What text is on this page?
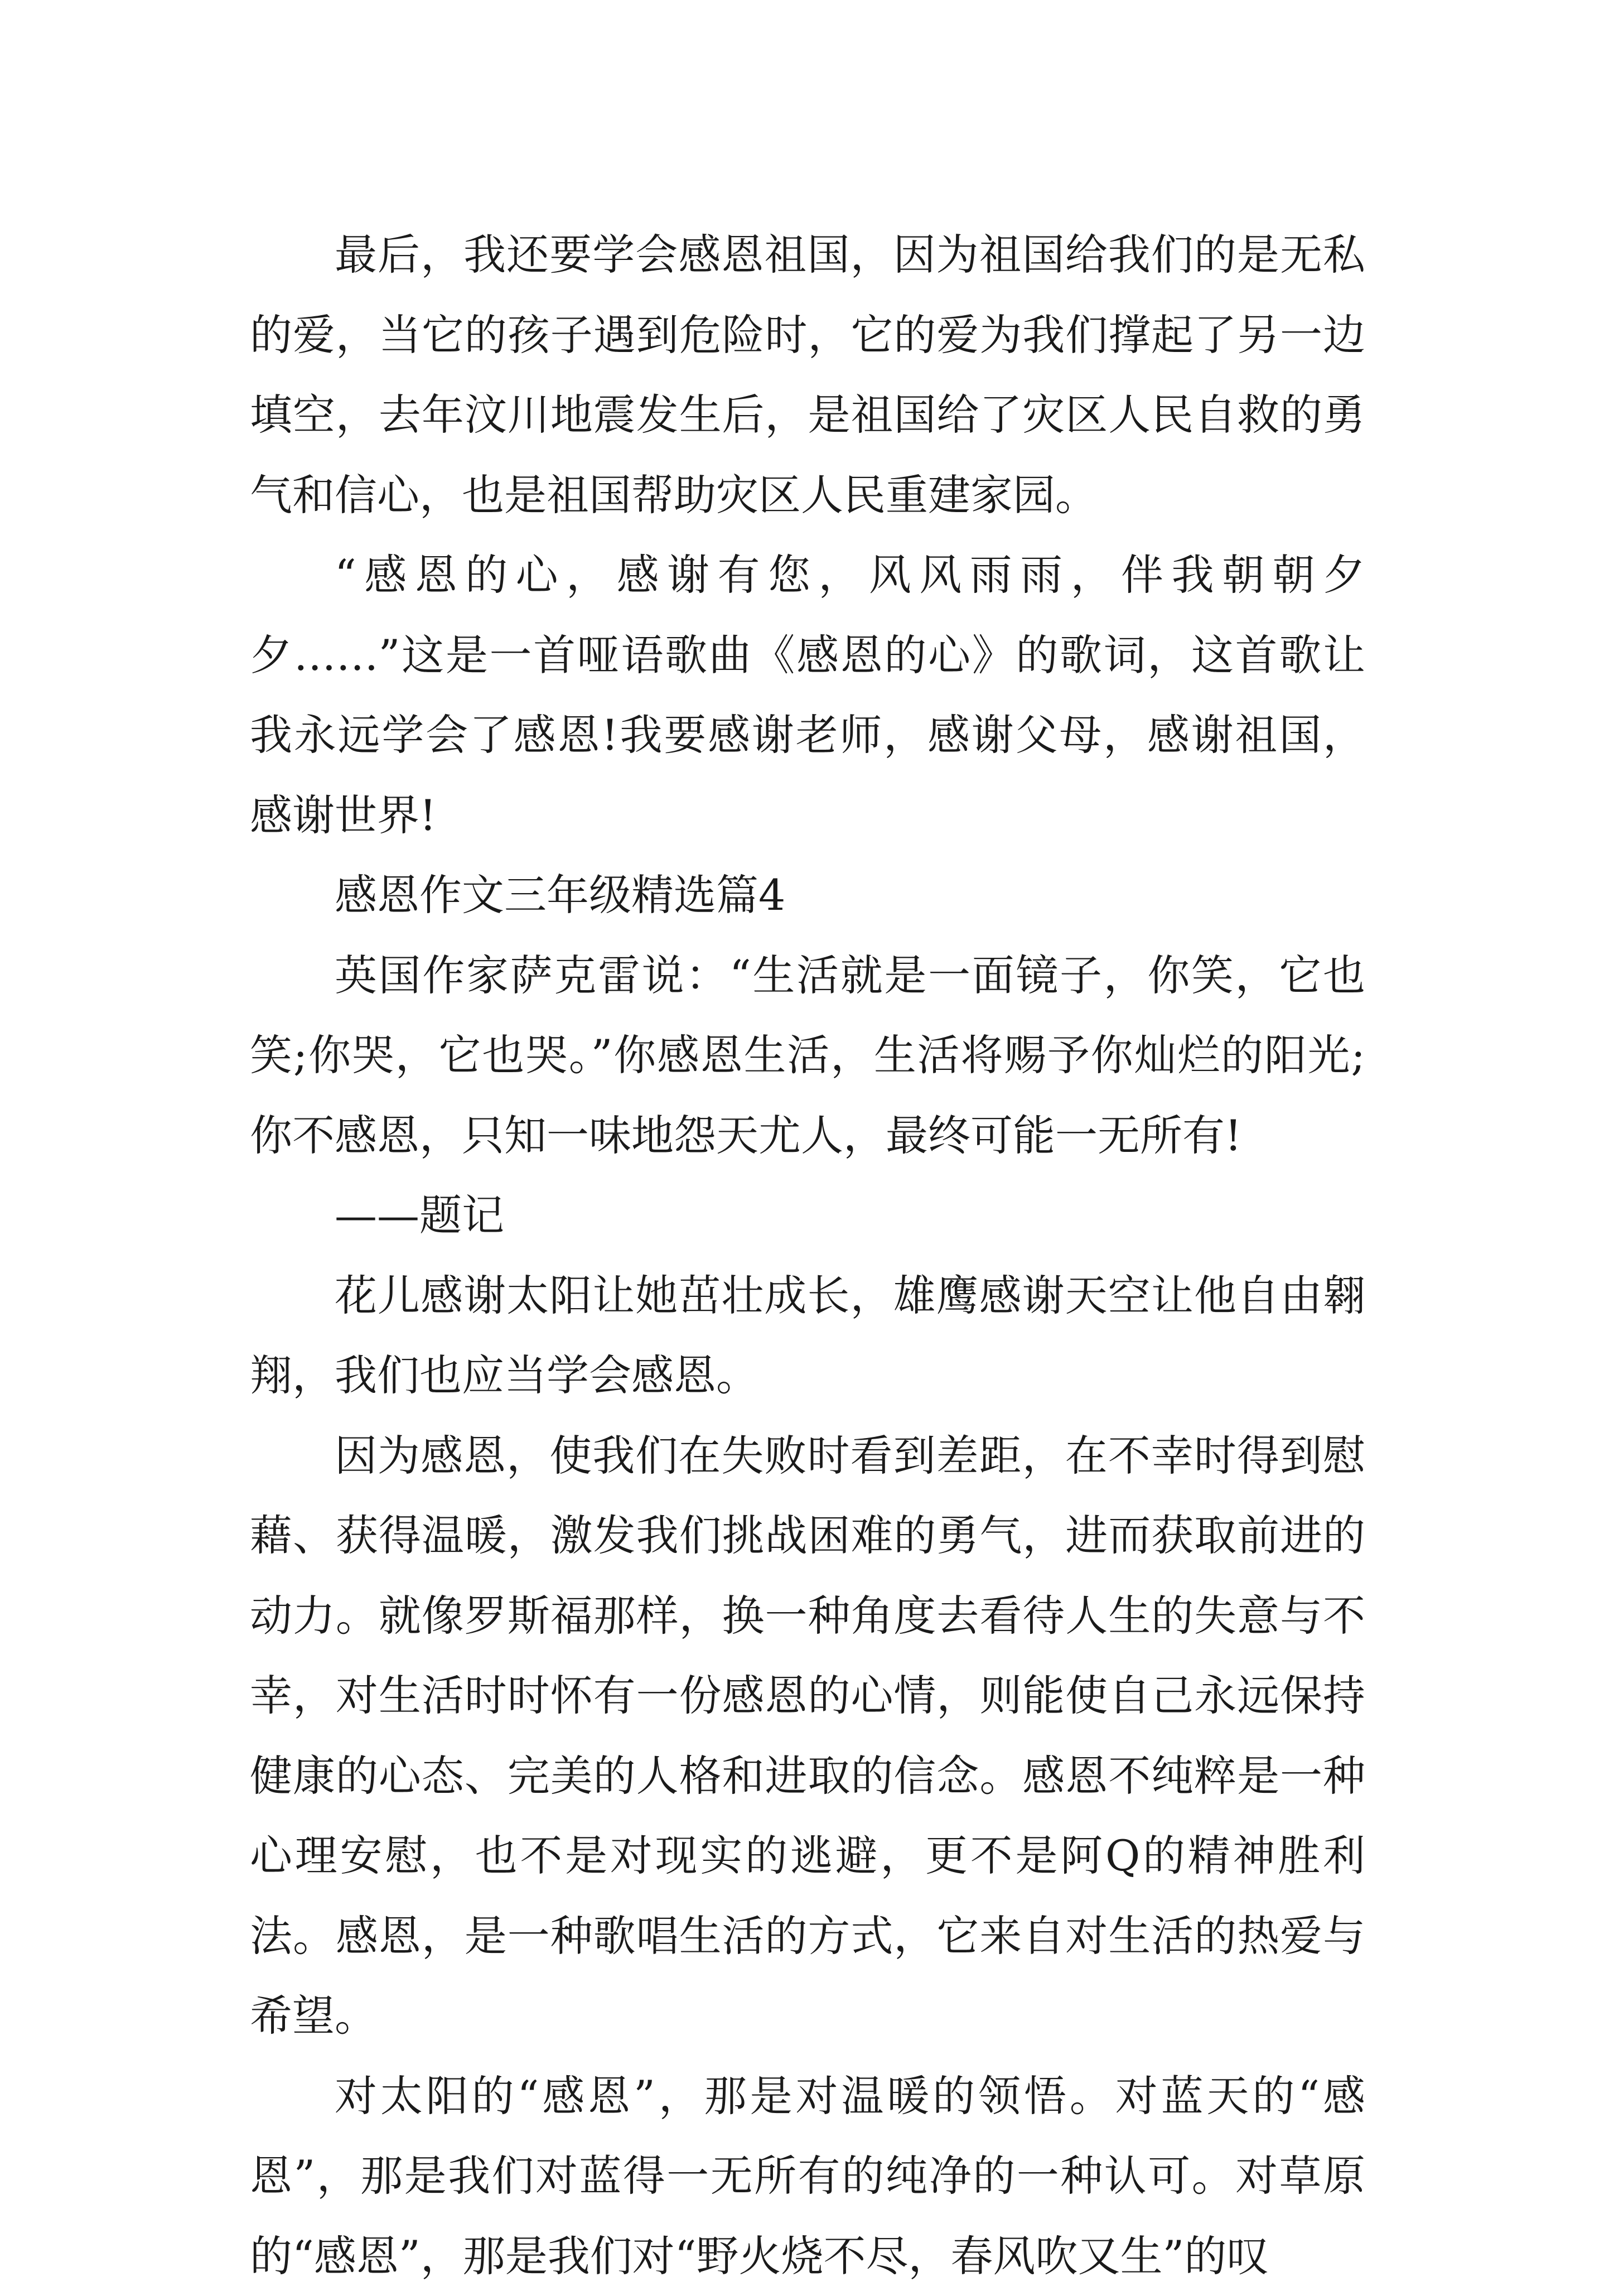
最后，我还要学会感恩祖国，因为祖国给我们的是无私的爱，当它的孩子遇到危险时，它的爱为我们撑起了另一边填空，去年汶川地震发生后，是祖国给了灾区人民自救的勇气和信心，也是祖国帮助灾区人民重建家园。

“感恩的心，感谢有您，风风雨雨，伴我朝朝夕夕……”这是一首哑语歌曲《感恩的心》的歌词，这首歌让我永远学会了感恩!我要感谢老师，感谢父母，感谢祖国，感谢世界!

感恩作文三年级精选篇4

英国作家萨克雷说：“生活就是一面镜子，你笑，它也笑;你哭，它也哭。”你感恩生活，生活将赐予你灿烂的阳光;你不感恩，只知一味地怨天尤人，最终可能一无所有!

——题记

花儿感谢太阳让她茁壮成长，雄鹰感谢天空让他自由翱翔，我们也应当学会感恩。

因为感恩，使我们在失败时看到差距，在不幸时得到慰藉、获得温暖，激发我们挑战困难的勇气，进而获取前进的动力。就像罗斯福那样，换一种角度去看待人生的失意与不幸，对生活时时怀有一份感恩的心情，则能使自己永远保持健康的心态、完美的人格和进取的信念。感恩不纯粹是一种心理安慰，也不是对现实的逃避，更不是阿Q的精神胜利法。感恩，是一种歌唱生活的方式，它来自对生活的热爱与希望。

对太阳的“感恩”，那是对温暖的领悟。对蓝天的“感恩”，那是我们对蓝得一无所有的纯净的一种认可。对草原的“感恩”，那是我们对“野火烧不尽，春风吹又生”的叹
